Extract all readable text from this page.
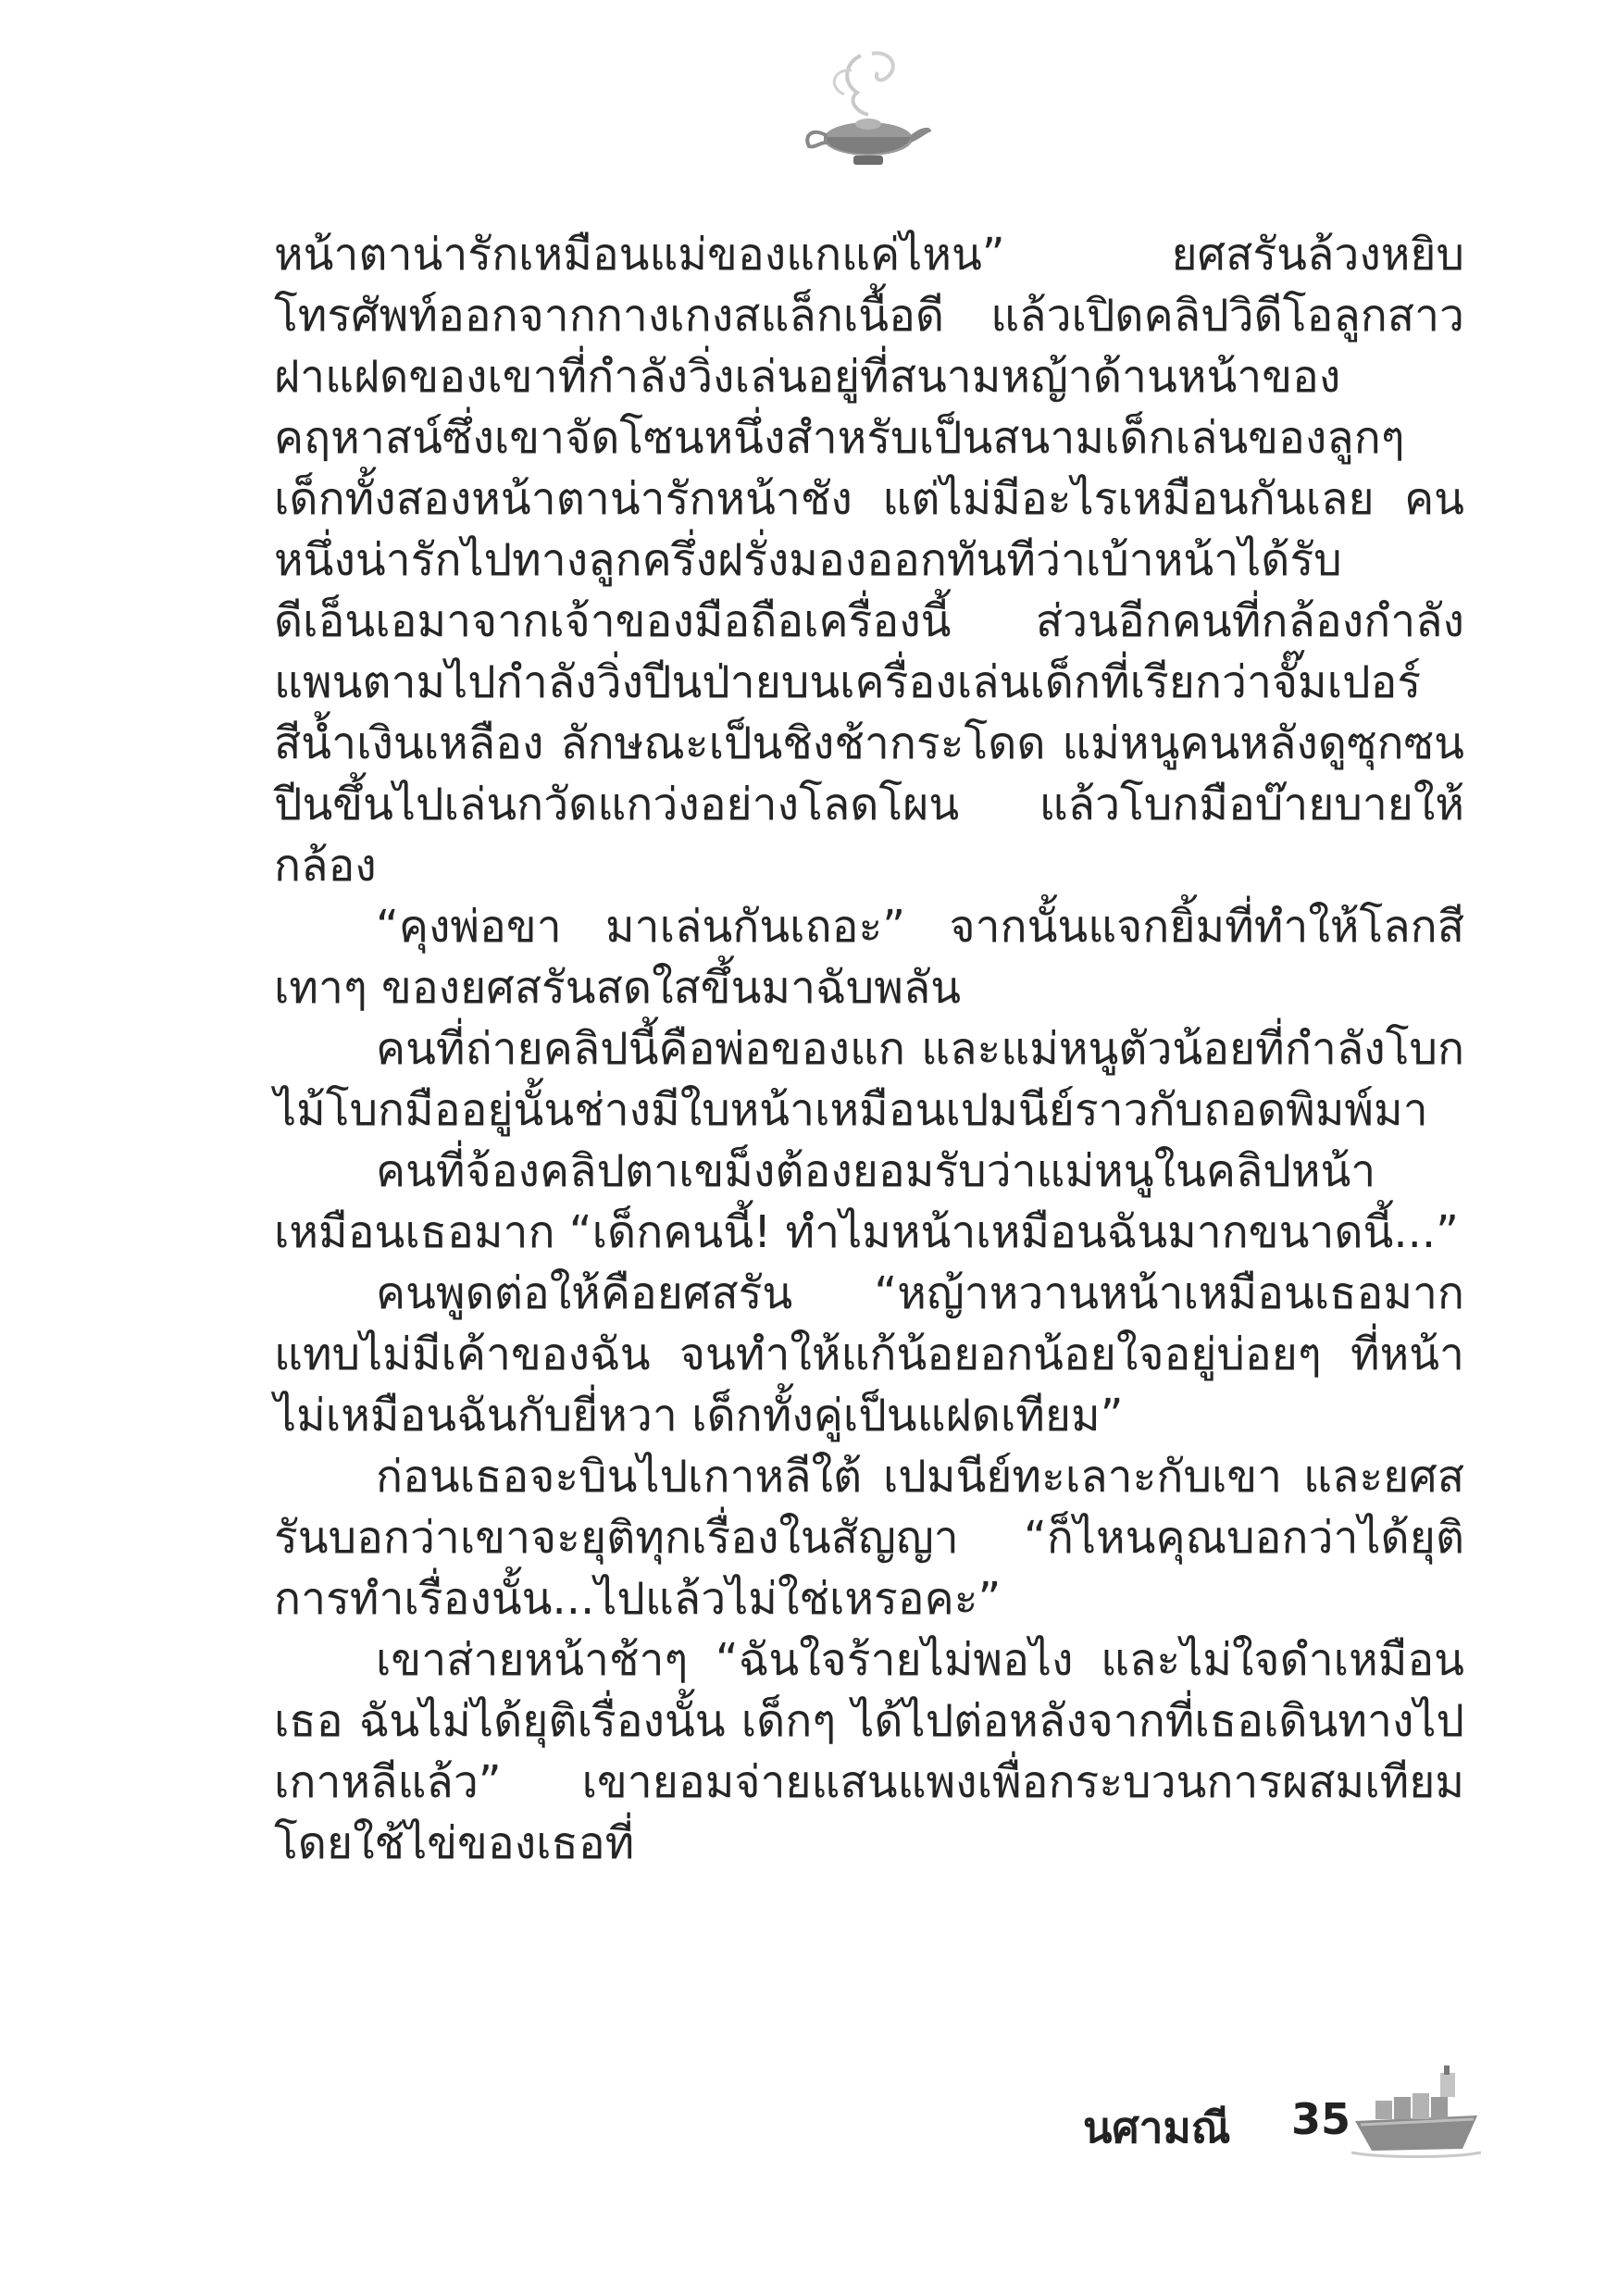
หน้าตาน่ารักเหมือนแม่ของแกแค่ไหน” ยศสรันล้วงหยิบโทรศัพท์ออกจากกางเกงสแล็กเนื้อดี แล้วเปิดคลิปวิดีโอลูกสาวฝาแฝดของเขาที่กำลังวิ่งเล่นอยู่ที่สนามหญ้าด้านหน้าของคฤหาสน์ซึ่งเขาจัดโซนหนึ่งสำหรับเป็นสนามเด็กเล่นของลูกๆ เด็กทั้งสองหน้าตาน่ารักหน้าชัง แต่ไม่มีอะไรเหมือนกันเลย คนหนึ่งน่ารักไปทางลูกครึ่งฝรั่งมองออกทันทีว่าเบ้าหน้าได้รับดีเอ็นเอมาจากเจ้าของมือถือเครื่องนี้ ส่วนอีกคนที่กล้องกำลังแพนตามไปกำลังวิ่งปีนป่ายบนเครื่องเล่นเด็กที่เรียกว่าจั๊มเปอร์สีน้ำเงินเหลือง ลักษณะเป็นชิงช้ากระโดด แม่หนูคนหลังดูซุกซน ปีนขึ้นไปเล่นกวัดแกว่งอย่างโลดโผน แล้วโบกมือบ๊ายบายให้กล้อง

“คุงพ่อขา มาเล่นกันเถอะ” จากนั้นแจกยิ้มที่ทำให้โลกสีเทาๆ ของยศสรันสดใสขึ้นมาฉับพลัน

คนที่ถ่ายคลิปนี้คือพ่อของแก และแม่หนูตัวน้อยที่กำลังโบกไม้โบกมืออยู่นั้นช่างมีใบหน้าเหมือนเปมนีย์ราวกับถอดพิมพ์มา

คนที่จ้องคลิปตาเขม็งต้องยอมรับว่าแม่หนูในคลิปหน้าเหมือนเธอมาก “เด็กคนนี้! ทำไมหน้าเหมือนฉันมากขนาดนี้...”

คนพูดต่อให้คือยศสรัน “หญ้าหวานหน้าเหมือนเธอมากแทบไม่มีเค้าของฉัน จนทำให้แก้น้อยอกน้อยใจอยู่บ่อยๆ ที่หน้าไม่เหมือนฉันกับยี่หวา เด็กทั้งคู่เป็นแฝดเทียม”

ก่อนเธอจะบินไปเกาหลีใต้ เปมนีย์ทะเลาะกับเขา และยศสรันบอกว่าเขาจะยุติทุกเรื่องในสัญญา “ก็ไหนคุณบอกว่าได้ยุติการทำเรื่องนั้น...ไปแล้วไม่ใช่เหรอคะ”

เขาส่ายหน้าช้าๆ “ฉันใจร้ายไม่พอไง และไม่ใจดำเหมือนเธอ ฉันไม่ได้ยุติเรื่องนั้น เด็กๆ ได้ไปต่อหลังจากที่เธอเดินทางไปเกาหลีแล้ว” เขายอมจ่ายแสนแพงเพื่อกระบวนการผสมเทียมโดยใช้ไข่ของเธอที่

นศามณี 35
